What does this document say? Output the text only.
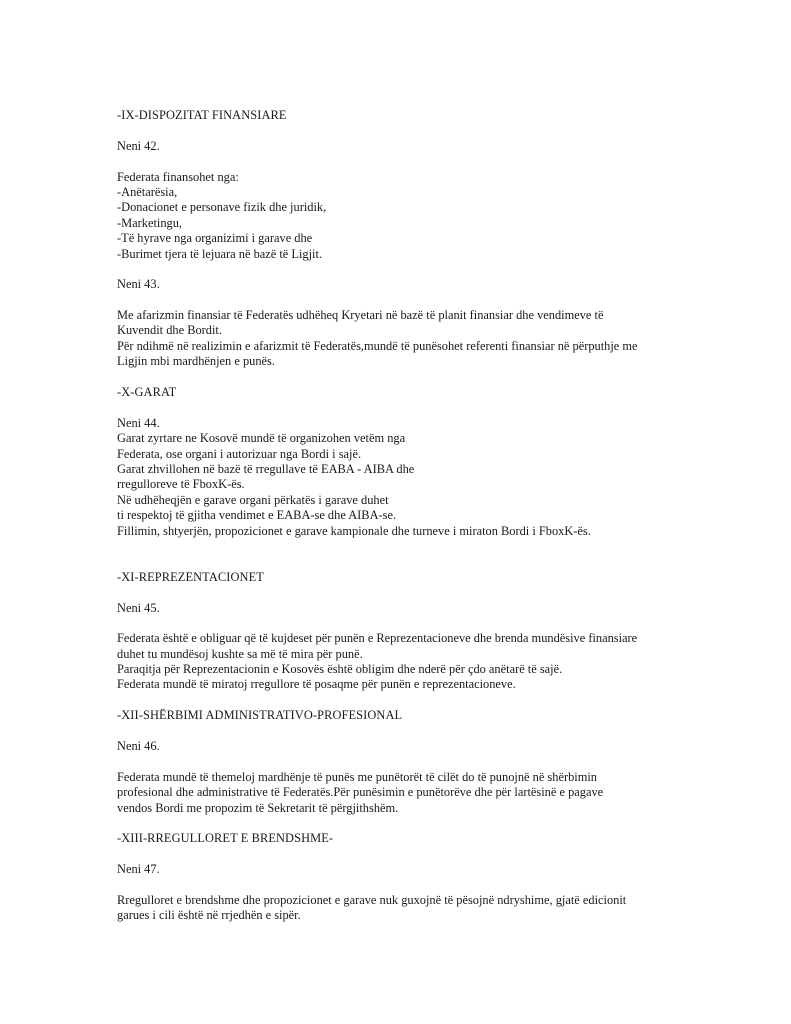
-IX-DISPOZITAT FINANSIARE
Neni 42.
Federata finansohet nga:
-Anëtarësia,
-Donacionet e personave fizik dhe juridik,
-Marketingu,
-Të hyrave nga organizimi i garave dhe
-Burimet tjera të lejuara në bazë të Ligjit.
Neni 43.
Me afarizmin finansiar të Federatës udhëheq Kryetari në bazë të planit finansiar dhe vendimeve të
Kuvendit dhe Bordit.
Për ndihmë në realizimin e afarizmit të Federatës,mundë të punësohet referenti finansiar në përputhje me
Ligjin mbi mardhënjen e punës.
-X-GARAT
Neni 44.
Garat zyrtare ne Kosovë mundë të organizohen vetëm nga
Federata, ose organi i autorizuar nga Bordi i sajë.
Garat zhvillohen në bazë të rregullave të EABA - AIBA dhe
rregulloreve të FboxK-ës.
Në udhëheqjën e garave organi përkatës i garave duhet
ti respektoj të gjitha vendimet e EABA-se dhe AIBA-se.
Fillimin, shtyerjën, propozicionet e garave kampionale dhe turneve i miraton Bordi i FboxK-ës.
-XI-REPREZENTACIONET
Neni 45.
Federata është e obliguar që të kujdeset për punën e Reprezentacioneve dhe brenda mundësive finansiare
duhet tu mundësoj kushte sa më të mira për punë.
Paraqitja për Reprezentacionin e Kosovës është obligim dhe nderë për çdo anëtarë të sajë.
Federata mundë të miratoj rregullore të posaqme për punën e reprezentacioneve.
-XII-SHËRBIMI ADMINISTRATIVO-PROFESIONAL
Neni 46.
Federata mundë të themeloj mardhënje të punës me punëtorët të cilët do të punojnë në shërbimin
profesional dhe administrative të Federatës.Për punësimin e punëtorëve dhe për lartësinë e pagave
vendos Bordi me propozim të Sekretarit të përgjithshëm.
-XIII-RREGULLORET E BRENDSHME-
Neni 47.
Rregulloret e brendshme dhe propozicionet e garave nuk guxojnë të pësojnë ndryshime, gjatë edicionit
garues i cili është në rrjedhën e sipër.
